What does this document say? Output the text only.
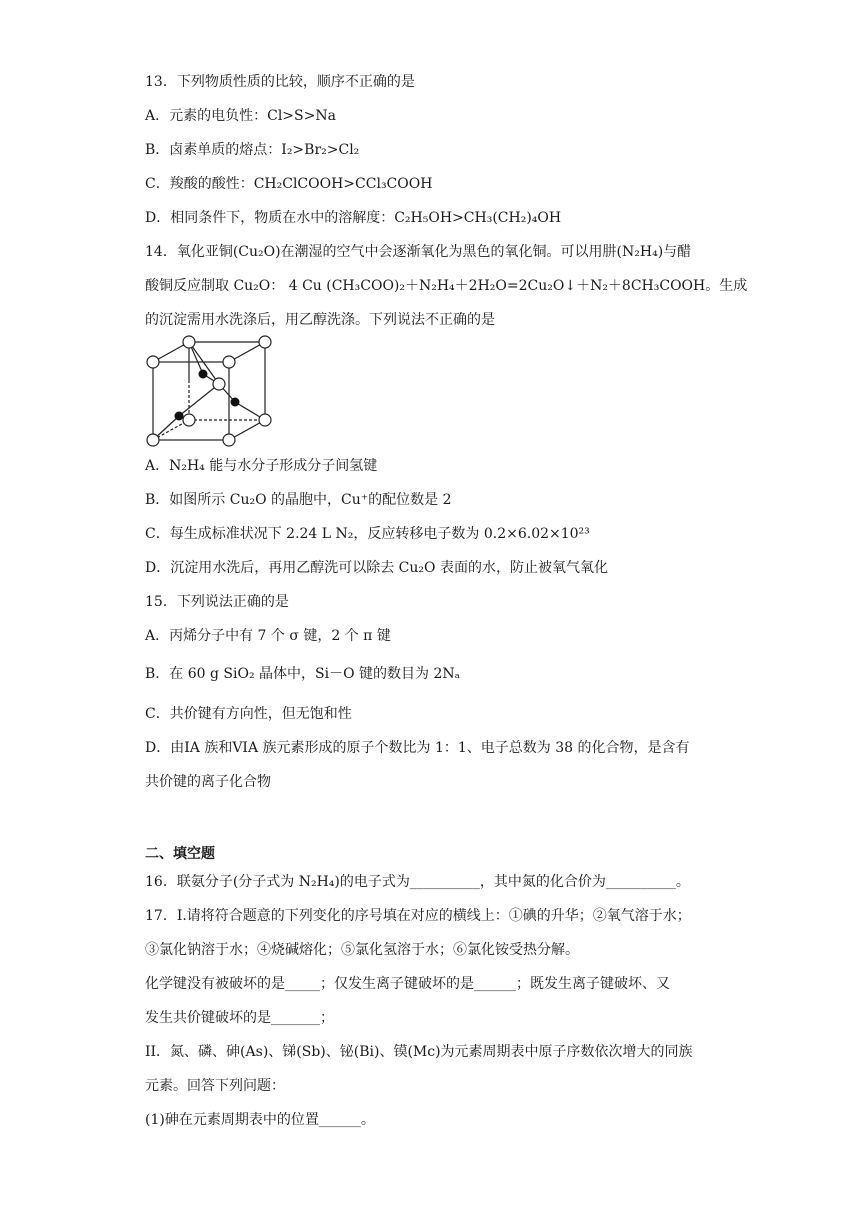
13．下列物质性质的比较，顺序不正确的是
A．元素的电负性：Cl>S>Na
B．卤素单质的熔点：I₂>Br₂>Cl₂
C．羧酸的酸性：CH₂ClCOOH>CCl₃COOH
D．相同条件下，物质在水中的溶解度：C₂H₅OH>CH₃(CH₂)₄OH
14．氧化亚铜(Cu₂O)在潮湿的空气中会逐渐氧化为黑色的氧化铜。可以用肼(N₂H₄)与醋
酸铜反应制取 Cu₂O： 4 Cu (CH₃COO)₂＋N₂H₄＋2H₂O=2Cu₂O↓＋N₂＋8CH₃COOH。生成
的沉淀需用水洗涤后，用乙醇洗涤。下列说法不正确的是
A．N₂H₄ 能与水分子形成分子间氢键
B．如图所示 Cu₂O 的晶胞中，Cu⁺的配位数是 2
C．每生成标准状况下 2.24 L N₂，反应转移电子数为 0.2×6.02×10²³
D．沉淀用水洗后，再用乙醇洗可以除去 Cu₂O 表面的水，防止被氧气氧化
15．下列说法正确的是
A．丙烯分子中有 7 个 σ 键，2 个 π 键
B．在 60 g SiO₂ 晶体中，Si－O 键的数目为 2Nₐ
C．共价键有方向性，但无饱和性
D．由IA 族和VIA 族元素形成的原子个数比为 1：1、电子总数为 38 的化合物，是含有
共价键的离子化合物
二、填空题
16．联氨分子(分子式为 N₂H₄)的电子式为__________，其中氮的化合价为__________。
17．I.请将符合题意的下列变化的序号填在对应的横线上：①碘的升华；②氧气溶于水；
③氯化钠溶于水；④烧碱熔化；⑤氯化氢溶于水；⑥氯化铵受热分解。
化学键没有被破坏的是_____；仅发生离子键破坏的是______；既发生离子键破坏、又
发生共价键破坏的是_______；
II．氮、磷、砷(As)、锑(Sb)、铋(Bi)、镆(Mc)为元素周期表中原子序数依次增大的同族
元素。回答下列问题：
(1)砷在元素周期表中的位置______。
